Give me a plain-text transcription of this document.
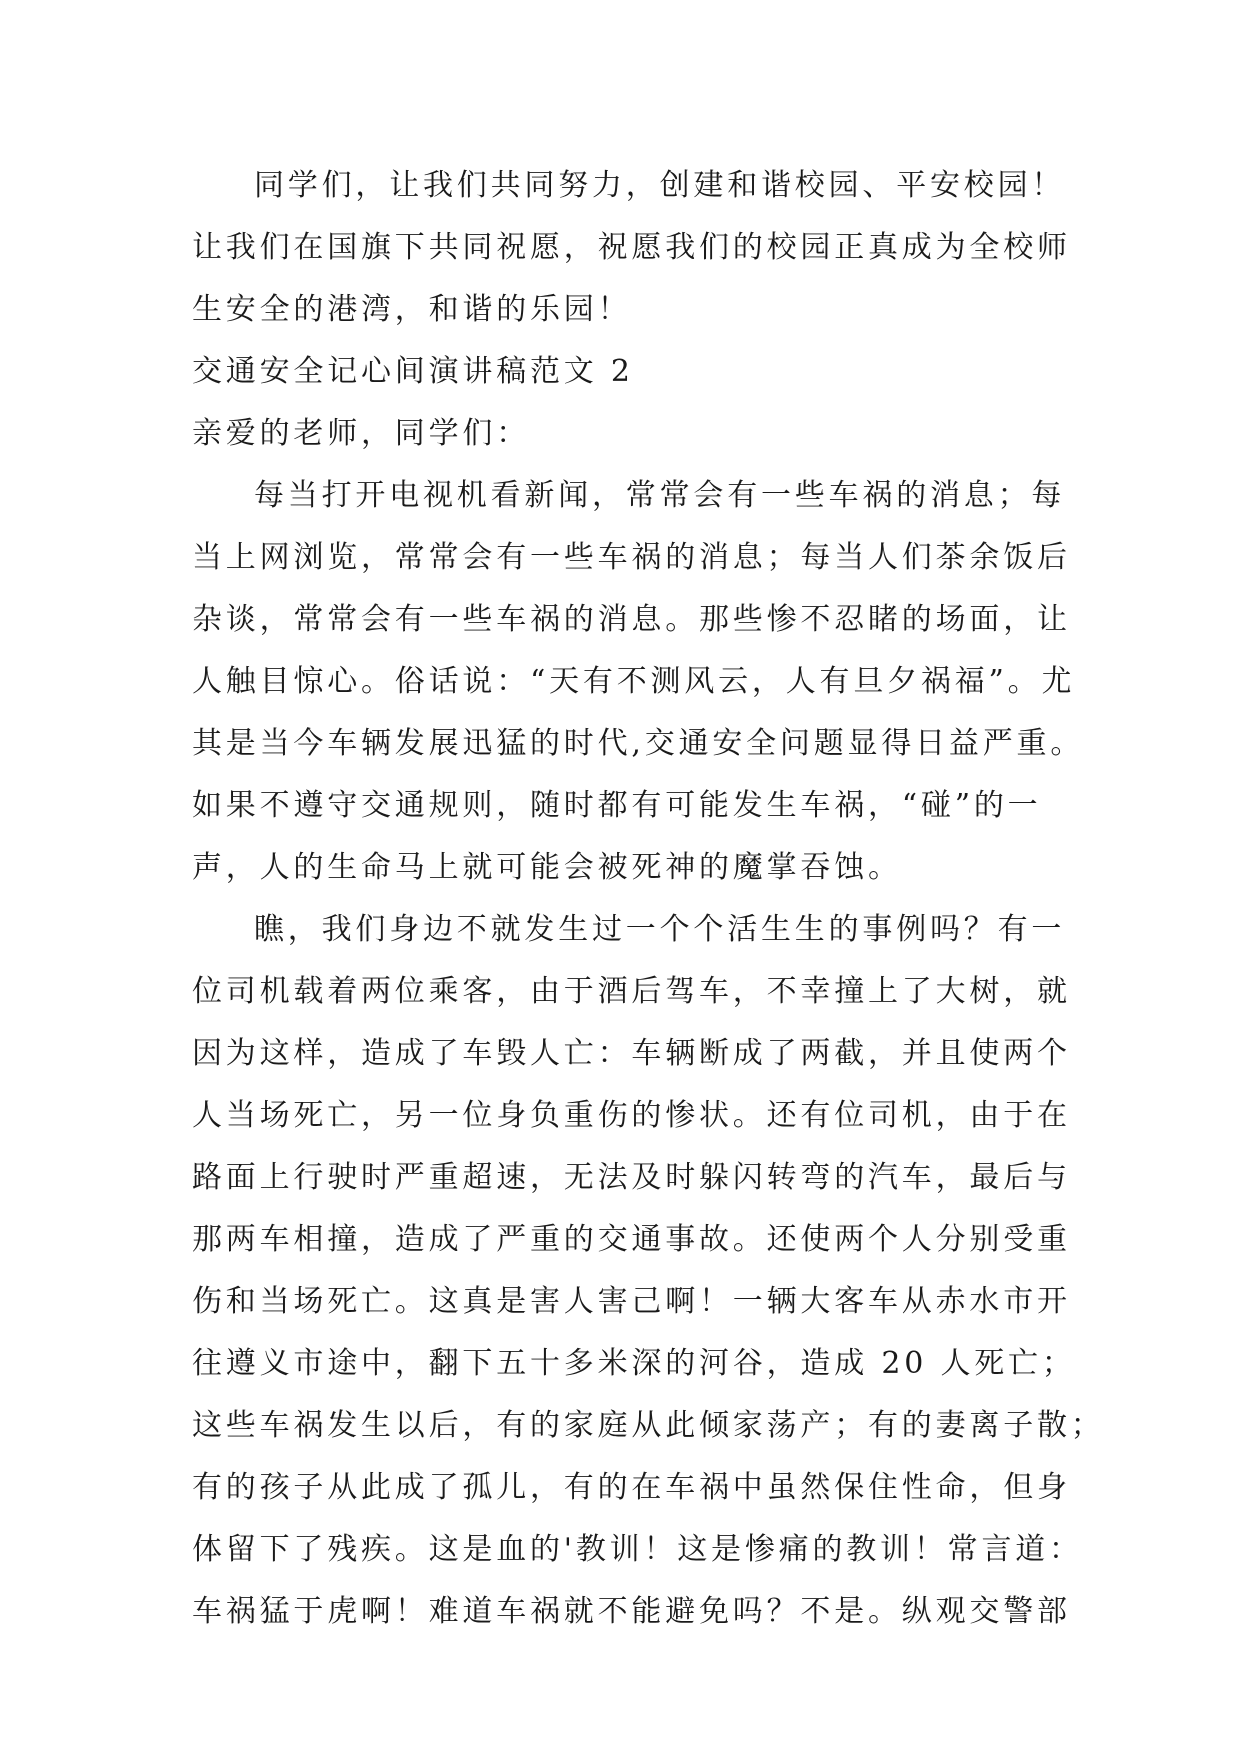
同学们，让我们共同努力，创建和谐校园、平安校园！
让我们在国旗下共同祝愿，祝愿我们的校园正真成为全校师
生安全的港湾，和谐的乐园！
交通安全记心间演讲稿范文 2
亲爱的老师，同学们：
每当打开电视机看新闻，常常会有一些车祸的消息；每
当上网浏览，常常会有一些车祸的消息；每当人们茶余饭后
杂谈，常常会有一些车祸的消息。那些惨不忍睹的场面，让
人触目惊心。俗话说：“天有不测风云，人有旦夕祸福”。尤
其是当今车辆发展迅猛的时代,交通安全问题显得日益严重。
如果不遵守交通规则，随时都有可能发生车祸，“碰”的一
声，人的生命马上就可能会被死神的魔掌吞蚀。
瞧，我们身边不就发生过一个个活生生的事例吗？有一
位司机载着两位乘客，由于酒后驾车，不幸撞上了大树，就
因为这样，造成了车毁人亡：车辆断成了两截，并且使两个
人当场死亡，另一位身负重伤的惨状。还有位司机，由于在
路面上行驶时严重超速，无法及时躲闪转弯的汽车，最后与
那两车相撞，造成了严重的交通事故。还使两个人分别受重
伤和当场死亡。这真是害人害己啊！一辆大客车从赤水市开
往遵义市途中，翻下五十多米深的河谷，造成 20 人死亡；
这些车祸发生以后，有的家庭从此倾家荡产；有的妻离子散；
有的孩子从此成了孤儿，有的在车祸中虽然保住性命，但身
体留下了残疾。这是血的'教训！这是惨痛的教训！常言道：
车祸猛于虎啊！难道车祸就不能避免吗？不是。纵观交警部
